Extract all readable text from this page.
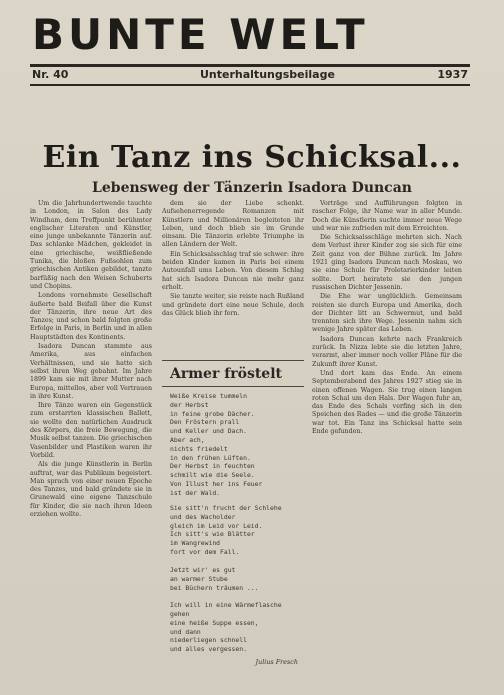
BUNTE WELT
Nr. 40	Unterhaltungsbeilage	1937
Ein Tanz ins Schicksal...
Lebensweg der Tänzerin Isadora Duncan

Um die Jahrhundertwende tauchte in London, in Salon des Lady Windham, dem Treffpunkt berühmter englischer Literaten und Künstler, eine junge unbekannte Tänzerin auf. Das schlanke Mädchen, gekleidet in eine griechische, weißfließende Tunika, die bloßen Fußsohlen zum griechischen Antiken gebildet, tanzte barfüßig nach den Weisen Schuberts und Chopins.

Londons vornehmste Gesellschaft äußerte bald Beifall über die Kunst der Tänzerin, ihre neue Art des Tanzes; und schon bald folgten große Erfolge in Paris, in Berlin und in allen Hauptstädten des Kontinents.

Isadora Duncan stammte aus Amerika, aus einfachen Verhältnissen, und sie hatte sich selbst ihren Weg gebahnt. Im Jahre 1899 kam sie mit ihrer Mutter nach Europa, mittellos, aber voll Vertrauen in ihre Kunst.

Ihre Tänze waren ein Gegenstück zum erstarrten klassischen Ballett, sie wollte den natürlichen Ausdruck des Körpers, die freie Bewegung, die Musik selbst tanzen. Die griechischen Vasenbilder und Plastiken waren ihr Vorbild.

Als die junge Künstlerin in Berlin auftrat, war das Publikum begeistert. Man sprach von einer neuen Epoche des Tanzes, und bald gründete sie in Grunewald eine eigene Tanzschule für Kinder, die sie nach ihren Ideen erziehen wollte.

dem sie der Liebe schenkt. Aufsehenerregende Romanzen mit Künstlern und Millionären begleiteten ihr Leben, und doch blieb sie im Grunde einsam. Die Tänzerin erlebte Triumphe in allen Ländern der Welt.

Ein Schicksalsschlag traf sie schwer: ihre beiden Kinder kamen in Paris bei einem Autounfall ums Leben. Von diesem Schlag hat sich Isadora Duncan nie mehr ganz erholt.

Sie tanzte weiter, sie reiste nach Rußland und gründete dort eine neue Schule, doch das Glück blieb ihr fern.

Vorträge und Aufführungen folgten in rascher Folge, ihr Name war in aller Munde. Doch die Künstlerin suchte immer neue Wege und war nie zufrieden mit dem Erreichten.

Die Schicksalsschläge mehrten sich. Nach dem Verlust ihrer Kinder zog sie sich für eine Zeit ganz von der Bühne zurück. Im Jahre 1921 ging Isadora Duncan nach Moskau, wo sie eine Schule für Proletarierkinder leiten sollte. Dort heiratete sie den jungen russischen Dichter Jessenin.

Die Ehe war unglücklich. Gemeinsam reisten sie durch Europa und Amerika, doch der Dichter litt an Schwermut, und bald trennten sich ihre Wege. Jessenin nahm sich wenige Jahre später das Leben.

Isadora Duncan kehrte nach Frankreich zurück. In Nizza lebte sie die letzten Jahre, verarmt, aber immer noch voller Pläne für die Zukunft ihrer Kunst.

Und dort kam das Ende. An einem Septemberabend des Jahres 1927 stieg sie in einen offenen Wagen. Sie trug einen langen roten Schal um den Hals. Der Wagen fuhr an, das Ende des Schals verfing sich in den Speichen des Rades — und die große Tänzerin war tot. Ein Tanz ins Schicksal hatte sein Ende gefunden.

Armer fröstelt
Weiße Kreise tummeln
der Herbst
in feine grobe Dächer.
Den Fröstern prall
und Keller und Dach.
Aber ach,
nichts friedelt
in den frühen Lüften.
Der Herbst in feuchten
schmilt wie die Seele.
Von Illust her ins Feuer
ist der Wald.
Sie sitt'n frucht der Schlehe
und des Wacholder
gleich im Leid vor Leid.
Ich sitt's wie Blätter
im Wangrewind
fort vor dem Fall.
Jetzt wir' es gut
an warmer Stube
bei Büchern träumen ...

Ich will in eine Wärmeflasche gehen
eine heiße Suppe essen,
und dann
niederliegen schnell
und alles vergessen.
Julius Fresch
